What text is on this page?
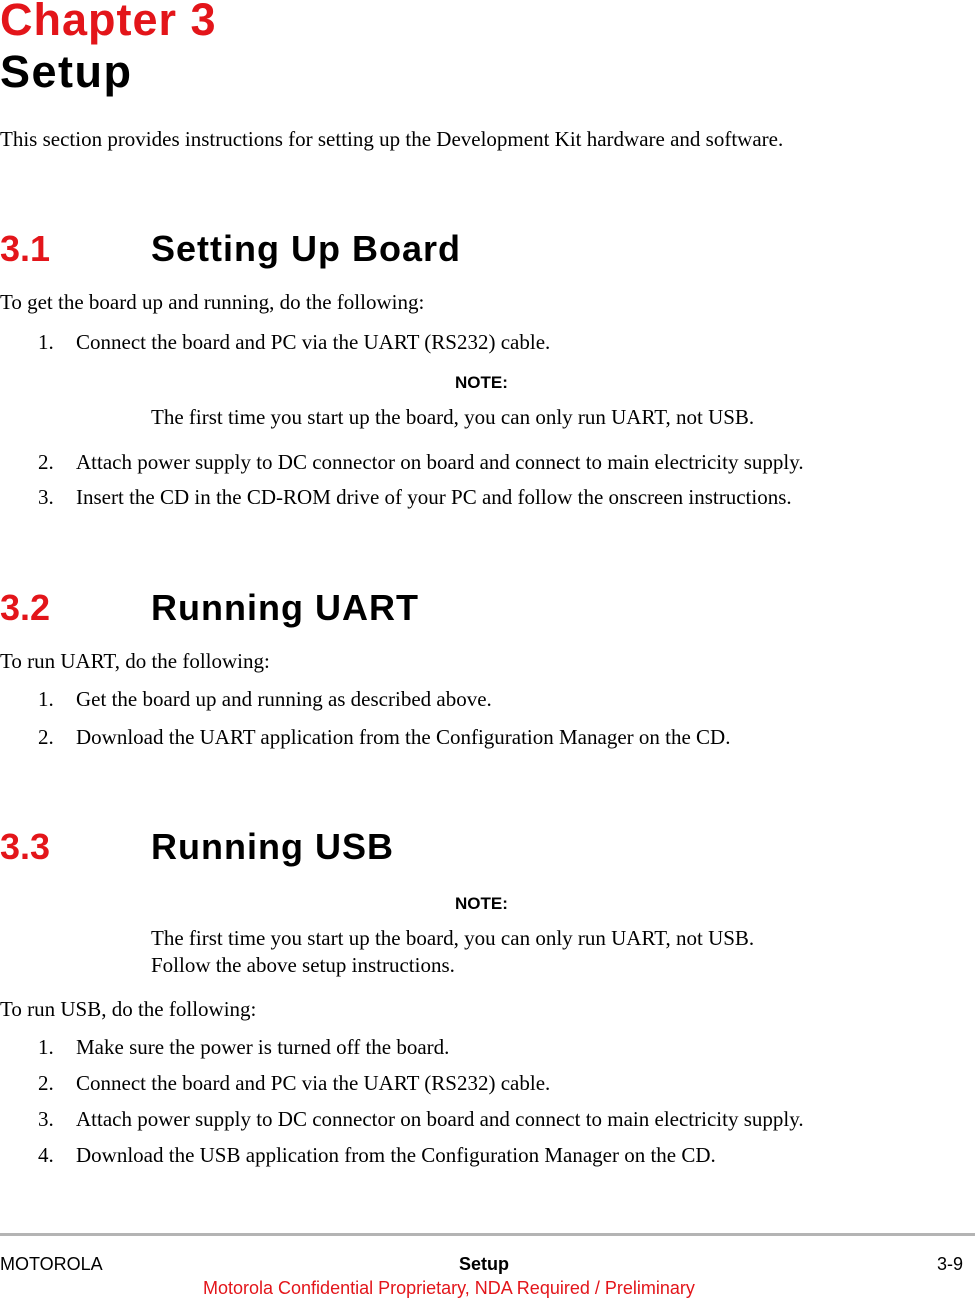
Chapter 3
Setup
This section provides instructions for setting up the Development Kit hardware and software.
3.1	Setting Up Board
To get the board up and running, do the following:
1. Connect the board and PC via the UART (RS232) cable.
NOTE:
The first time you start up the board, you can only run UART, not USB.
2. Attach power supply to DC connector on board and connect to main electricity supply.
3. Insert the CD in the CD-ROM drive of your PC and follow the onscreen instructions.
3.2	Running UART
To run UART, do the following:
1. Get the board up and running as described above.
2. Download the UART application from the Configuration Manager on the CD.
3.3	Running USB
NOTE:
The first time you start up the board, you can only run UART, not USB.
Follow the above setup instructions.
To run USB, do the following:
1. Make sure the power is turned off the board.
2. Connect the board and PC via the UART (RS232) cable.
3. Attach power supply to DC connector on board and connect to main electricity supply.
4. Download the USB application from the Configuration Manager on the CD.
MOTOROLA	Setup	3-9
Motorola Confidential Proprietary, NDA Required / Preliminary
